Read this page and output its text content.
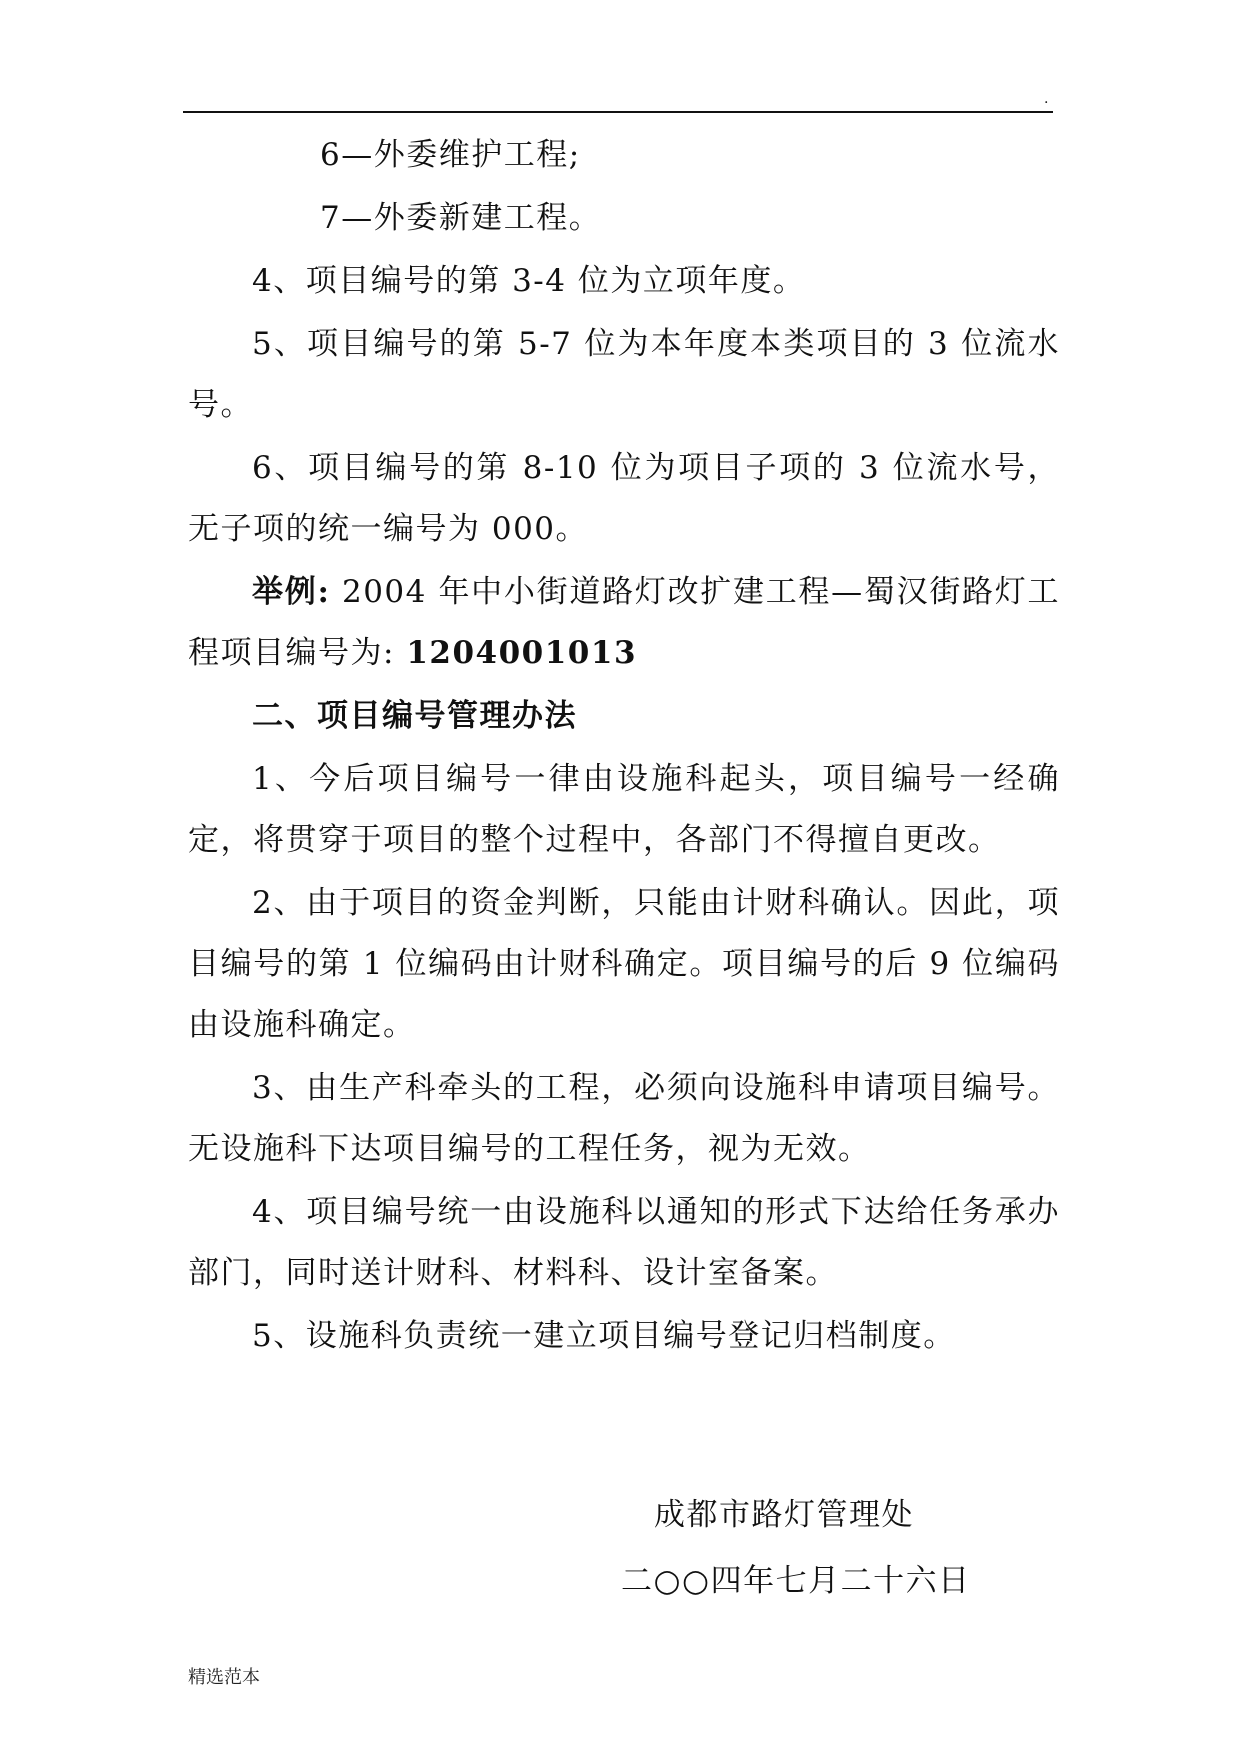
.

6—外委维护工程;

7—外委新建工程。

4、项目编号的第 3-4 位为立项年度。

5、项目编号的第 5-7 位为本年度本类项目的 3 位流水号。

6、项目编号的第 8-10 位为项目子项的 3 位流水号，无子项的统一编号为 000。

举例: 2004 年中小街道路灯改扩建工程—蜀汉街路灯工程项目编号为: 1204001013

二、项目编号管理办法

1、今后项目编号一律由设施科起头，项目编号一经确定，将贯穿于项目的整个过程中，各部门不得擅自更改。

2、由于项目的资金判断，只能由计财科确认。因此，项目编号的第 1 位编码由计财科确定。项目编号的后 9 位编码由设施科确定。

3、由生产科牵头的工程，必须向设施科申请项目编号。无设施科下达项目编号的工程任务，视为无效。

4、项目编号统一由设施科以通知的形式下达给任务承办部门，同时送计财科、材料科、设计室备案。

5、设施科负责统一建立项目编号登记归档制度。

成都市路灯管理处
二○○四年七月二十六日
精选范本
